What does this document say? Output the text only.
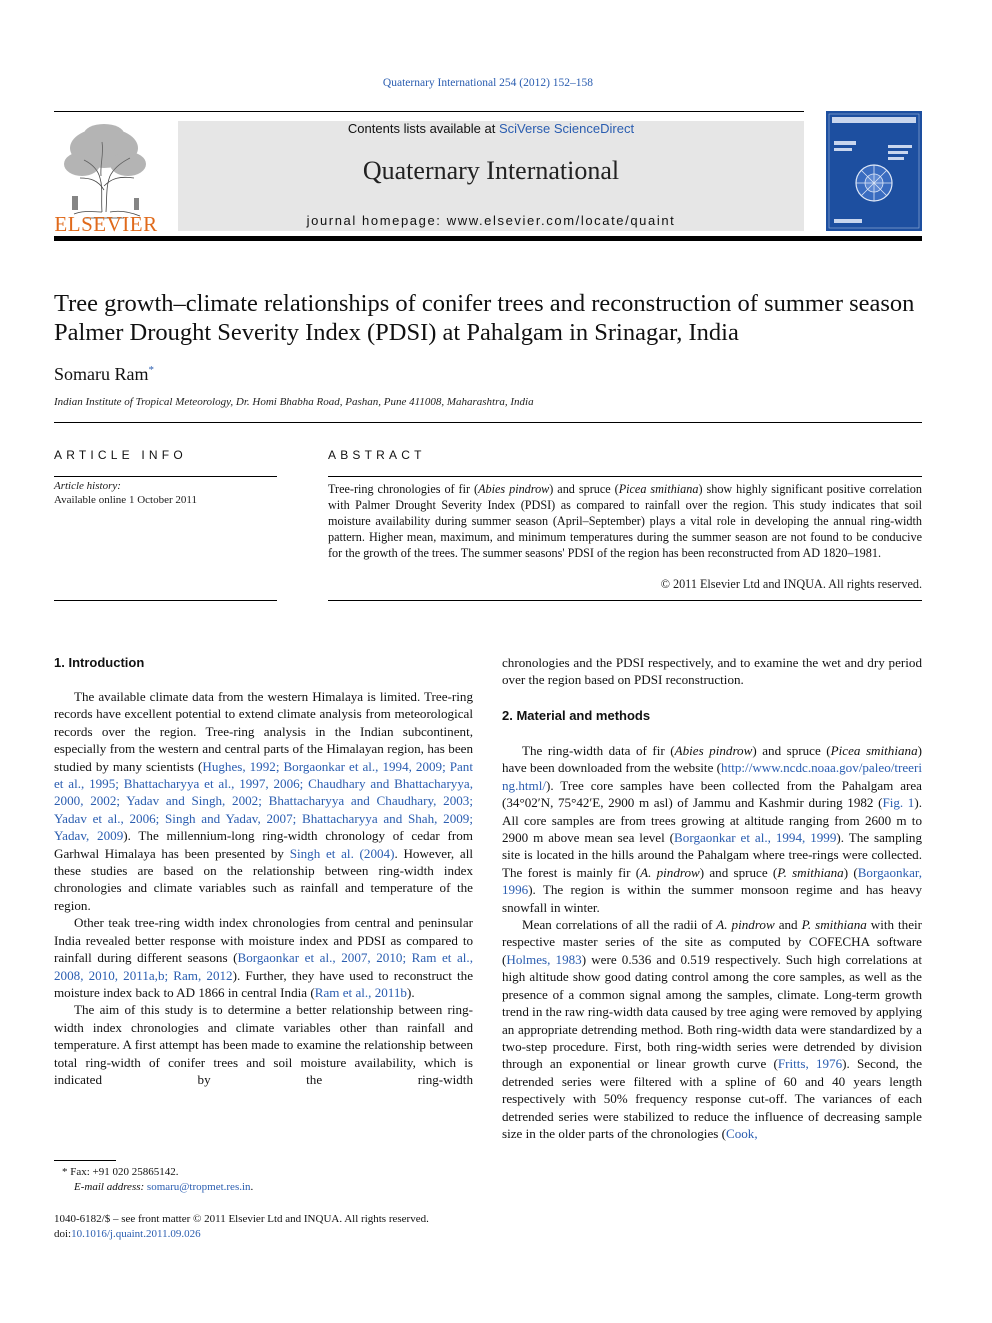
Quaternary International 254 (2012) 152–158
ELSEVIER
Contents lists available at SciVerse ScienceDirect
Quaternary International
journal homepage: www.elsevier.com/locate/quaint
Tree growth–climate relationships of conifer trees and reconstruction of summer season Palmer Drought Severity Index (PDSI) at Pahalgam in Srinagar, India
Somaru Ram*
Indian Institute of Tropical Meteorology, Dr. Homi Bhabha Road, Pashan, Pune 411008, Maharashtra, India
ARTICLE INFO	ABSTRACT
Article history:
Available online 1 October 2011
Tree-ring chronologies of fir (Abies pindrow) and spruce (Picea smithiana) show highly significant positive correlation with Palmer Drought Severity Index (PDSI) as compared to rainfall over the region. This study indicates that soil moisture availability during summer season (April–September) plays a vital role in developing the annual ring-width pattern. Higher mean, maximum, and minimum temperatures during the summer season are not found to be conducive for the growth of the trees. The summer seasons' PDSI of the region has been reconstructed from AD 1820–1981.
© 2011 Elsevier Ltd and INQUA. All rights reserved.
1. Introduction

The available climate data from the western Himalaya is limited. Tree-ring records have excellent potential to extend climate analysis from meteorological records over the region. Tree-ring analysis in the Indian subcontinent, especially from the western and central parts of the Himalayan region, has been studied by many scientists (Hughes, 1992; Borgaonkar et al., 1994, 2009; Pant et al., 1995; Bhattacharyya et al., 1997, 2006; Chaudhary and Bhattacharyya, 2000, 2002; Yadav and Singh, 2002; Bhattacharyya and Chaudhary, 2003; Yadav et al., 2006; Singh and Yadav, 2007; Bhattacharyya and Shah, 2009; Yadav, 2009). The millennium-long ring-width chronology of cedar from Garhwal Himalaya has been presented by Singh et al. (2004). However, all these studies are based on the relationship between ring-width index chronologies and climate variables such as rainfall and temperature of the region.

Other teak tree-ring width index chronologies from central and peninsular India revealed better response with moisture index and PDSI as compared to rainfall during different seasons (Borgaonkar et al., 2007, 2010; Ram et al., 2008, 2010, 2011a,b; Ram, 2012). Further, they have used to reconstruct the moisture index back to AD 1866 in central India (Ram et al., 2011b).

The aim of this study is to determine a better relationship between ring-width index chronologies and climate variables other than rainfall and temperature. A first attempt has been made to examine the relationship between total ring-width of conifer trees and soil moisture availability, which is indicated by the ring-width

chronologies and the PDSI respectively, and to examine the wet and dry period over the region based on PDSI reconstruction.

2. Material and methods

The ring-width data of fir (Abies pindrow) and spruce (Picea smithiana) have been downloaded from the website (http://www.ncdc.noaa.gov/paleo/treering.html/). Tree core samples have been collected from the Pahalgam area (34°02′N, 75°42′E, 2900 m asl) of Jammu and Kashmir during 1982 (Fig. 1). All core samples are from trees growing at altitude ranging from 2600 m to 2900 m above mean sea level (Borgaonkar et al., 1994, 1999). The sampling site is located in the hills around the Pahalgam where tree-rings were collected. The forest is mainly fir (A. pindrow) and spruce (P. smithiana) (Borgaonkar, 1996). The region is within the summer monsoon regime and has heavy snowfall in winter.

Mean correlations of all the radii of A. pindrow and P. smithiana with their respective master series of the site as computed by COFECHA software (Holmes, 1983) were 0.536 and 0.519 respectively. Such high correlations at high altitude show good dating control among the core samples, as well as the presence of a common signal among the samples, climate. Long-term growth trend in the raw ring-width data caused by tree aging were removed by applying an appropriate detrending method. Both ring-width data were standardized by a two-step procedure. First, both ring-width series were detrended by division through an exponential or linear growth curve (Fritts, 1976). Second, the detrended series were filtered with a spline of 60 and 40 years length respectively with 50% frequency response cut-off. The variances of each detrended series were stabilized to reduce the influence of decreasing sample size in the older parts of the chronologies (Cook,

* Fax: +91 020 25865142.
E-mail address: somaru@tropmet.res.in.
1040-6182/$ – see front matter © 2011 Elsevier Ltd and INQUA. All rights reserved.
doi:10.1016/j.quaint.2011.09.026
